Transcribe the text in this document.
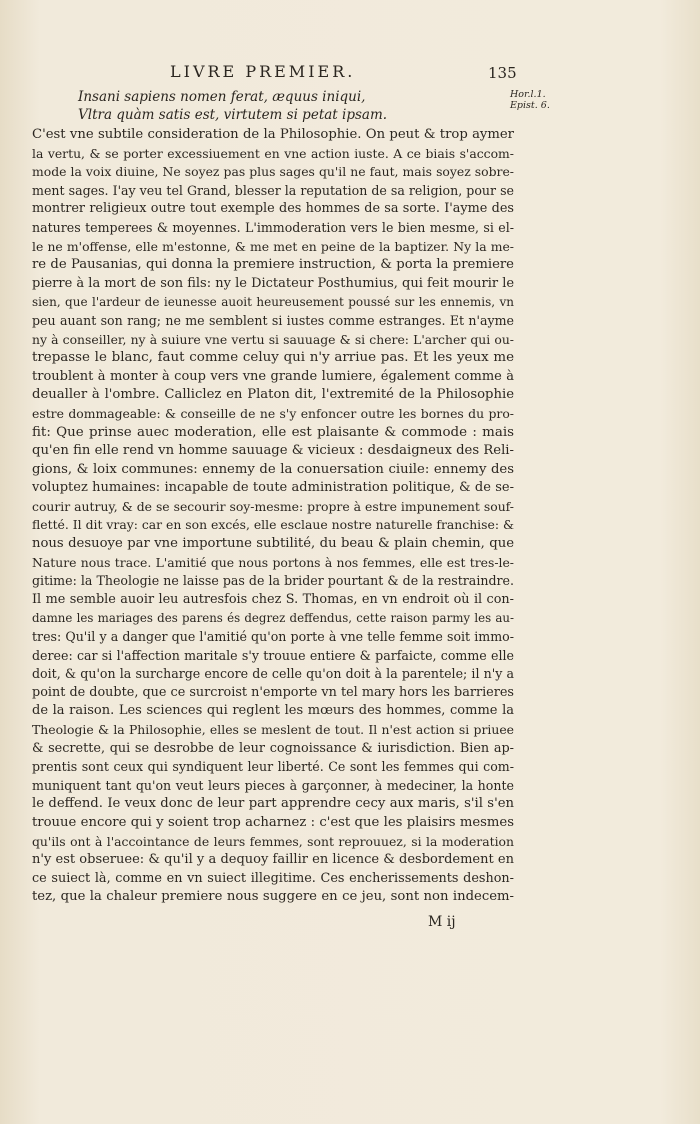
LIVRE PREMIER.	135
Hor.l.1.
Epist. 6.
Insani sapiens nomen ferat, æquus iniqui,
Vltra quàm satis est, virtutem si petat ipsam.
C'est vne subtile consideration de la Philosophie. On peut & trop aymer
la vertu, & se porter excessiuement en vne action iuste. A ce biais s'accom-
mode la voix diuine, Ne soyez pas plus sages qu'il ne faut, mais soyez sobre-
ment sages. I'ay veu tel Grand, blesser la reputation de sa religion, pour se
montrer religieux outre tout exemple des hommes de sa sorte. I'ayme des
natures temperees & moyennes. L'immoderation vers le bien mesme, si el-
le ne m'offense, elle m'estonne, & me met en peine de la baptizer. Ny la me-
re de Pausanias, qui donna la premiere instruction, & porta la premiere
pierre à la mort de son fils: ny le Dictateur Posthumius, qui feit mourir le
sien, que l'ardeur de ieunesse auoit heureusement poussé sur les ennemis, vn
peu auant son rang; ne me semblent si iustes comme estranges. Et n'ayme
ny à conseiller, ny à suiure vne vertu si sauuage & si chere: L'archer qui ou-
trepasse le blanc, faut comme celuy qui n'y arriue pas. Et les yeux me
troublent à monter à coup vers vne grande lumiere, également comme à
deualler à l'ombre. Calliclez en Platon dit, l'extremité de la Philosophie
estre dommageable: & conseille de ne s'y enfoncer outre les bornes du pro-
fit: Que prinse auec moderation, elle est plaisante & commode : mais
qu'en fin elle rend vn homme sauuage & vicieux : desdaigneux des Reli-
gions, & loix communes: ennemy de la conuersation ciuile: ennemy des
voluptez humaines: incapable de toute administration politique, & de se-
courir autruy, & de se secourir soy-mesme: propre à estre impunement souf-
fletté. Il dit vray: car en son excés, elle esclaue nostre naturelle franchise: &
nous desuoye par vne importune subtilité, du beau & plain chemin, que
Nature nous trace. L'amitié que nous portons à nos femmes, elle est tres-le-
gitime: la Theologie ne laisse pas de la brider pourtant & de la restraindre.
Il me semble auoir leu autresfois chez S. Thomas, en vn endroit où il con-
damne les mariages des parens és degrez deffendus, cette raison parmy les au-
tres: Qu'il y a danger que l'amitié qu'on porte à vne telle femme soit immo-
deree: car si l'affection maritale s'y trouue entiere & parfaicte, comme elle
doit, & qu'on la surcharge encore de celle qu'on doit à la parentele; il n'y a
point de doubte, que ce surcroist n'emporte vn tel mary hors les barrieres
de la raison. Les sciences qui reglent les mœurs des hommes, comme la
Theologie & la Philosophie, elles se meslent de tout. Il n'est action si priuee
& secrette, qui se desrobbe de leur cognoissance & iurisdiction. Bien ap-
prentis sont ceux qui syndiquent leur liberté. Ce sont les femmes qui com-
muniquent tant qu'on veut leurs pieces à garçonner, à medeciner, la honte
le deffend. Ie veux donc de leur part apprendre cecy aux maris, s'il s'en
trouue encore qui y soient trop acharnez : c'est que les plaisirs mesmes
qu'ils ont à l'accointance de leurs femmes, sont reprouuez, si la moderation
n'y est obseruee: & qu'il y a dequoy faillir en licence & desbordement en
ce suiect là, comme en vn suiect illegitime. Ces encherissements deshon-
tez, que la chaleur premiere nous suggere en ce jeu, sont non indecem-
M ij
